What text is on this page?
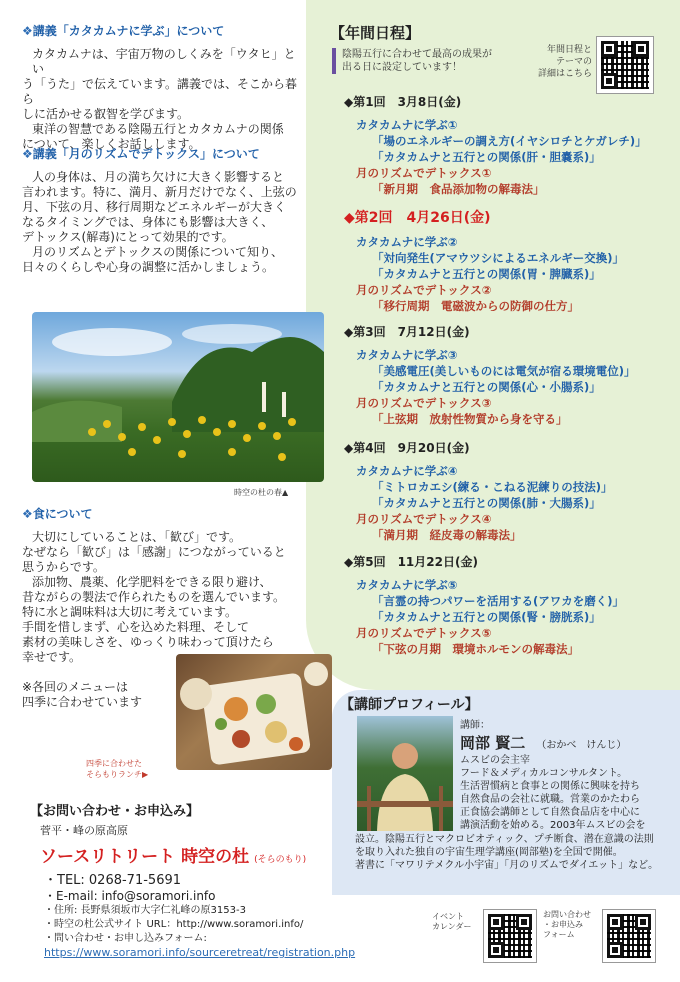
❖講義「カタカムナに学ぶ」について
カタカムナは、宇宙万物のしくみを「ウタヒ」とい
う「うた」で伝えています。講義では、そこから暮ら
しに活かせる叡智を学びます。
東洋の智慧である陰陽五行とカタカムナの関係
について、楽しくお話しします。
❖講義「月のリズムでデトックス」について
人の身体は、月の満ち欠けに大きく影響すると
言われます。特に、満月、新月だけでなく、上弦の
月、下弦の月、移行周期などエネルギーが大きく
なるタイミングでは、身体にも影響は大きく、
デトックス(解毒)にとって効果的です。
月のリズムとデトックスの関係について知り、
日々のくらしや心身の調整に活かしましょう。
時空の杜の春▲
❖食について
大切にしていることは、「歓び」です。
なぜなら「歓び」は「感謝」につながっていると
思うからです。
添加物、農薬、化学肥料をできる限り避け、
昔ながらの製法で作られたものを選んでいます。
特に水と調味料は大切に考えています。
手間を惜しまず、心を込めた料理、そして
素材の美味しさを、ゆっくり味わって頂けたら
幸せです。
※各回のメニューは
四季に合わせています
四季に合わせた
そらもりランチ▶
【年間日程】
陰陽五行に合わせて最高の成果が
出る日に設定しています！
年間日程と
テーマの
詳細はこちら
◆第1回　3月8日(金)
カタカムナに学ぶ①
「場のエネルギーの調え方(イヤシロチとケガレチ)」
「カタカムナと五行との関係(肝・胆嚢系)」
月のリズムでデトックス①
「新月期　食品添加物の解毒法」
◆第2回　4月26日(金)
カタカムナに学ぶ②
「対向発生(アマウツシによるエネルギー交換)」
「カタカムナと五行との関係(胃・脾臓系)」
月のリズムでデトックス②
「移行周期　電磁波からの防御の仕方」
◆第3回　7月12日(金)
カタカムナに学ぶ③
「美感電圧(美しいものには電気が宿る環境電位)」
「カタカムナと五行との関係(心・小腸系)」
月のリズムでデトックス③
「上弦期　放射性物質から身を守る」
◆第4回　9月20日(金)
カタカムナに学ぶ④
「ミトロカエシ(練る・こねる泥練りの技法)」
「カタカムナと五行との関係(肺・大腸系)」
月のリズムでデトックス④
「満月期　経皮毒の解毒法」
◆第5回　11月22日(金)
カタカムナに学ぶ⑤
「言霊の持つパワーを活用する(アワカを磨く)」
「カタカムナと五行との関係(腎・膀胱系)」
月のリズムでデトックス⑤
「下弦の月期　環境ホルモンの解毒法」
【講師プロフィール】
講師：
岡部 賢二 （おかべ　けんじ）
ムスビの会主宰
フード＆メディカルコンサルタント。
生活習慣病と食事との関係に興味を持ち
自然食品の会社に就職。営業のかたわら
正食協会講師として自然食品店を中心に
講演活動を始める。2003年ムスビの会を
設立。陰陽五行とマクロビオティック、プチ断食、潜在意識の法則
を取り入れた独自の宇宙生理学講座(岡部塾)を全国で開催。
著書に「マワリテメクル小宇宙」「月のリズムでダイエット」など。
【お問い合わせ・お申込み】
菅平・峰の原高原
ソースリトリート 時空の杜 (そらのもり)
・TEL: 0268-71-5691
・E-mail: info@soramori.info
・住所: 長野県須坂市大字仁礼峰の原3153-3
・時空の杜公式サイト URL：http://www.soramori.info/
・問い合わせ・お申し込みフォーム:
https://www.soramori.info/sourceretreat/registration.php
イベント
カレンダー
お問い合わせ
・お申込み
フォーム
